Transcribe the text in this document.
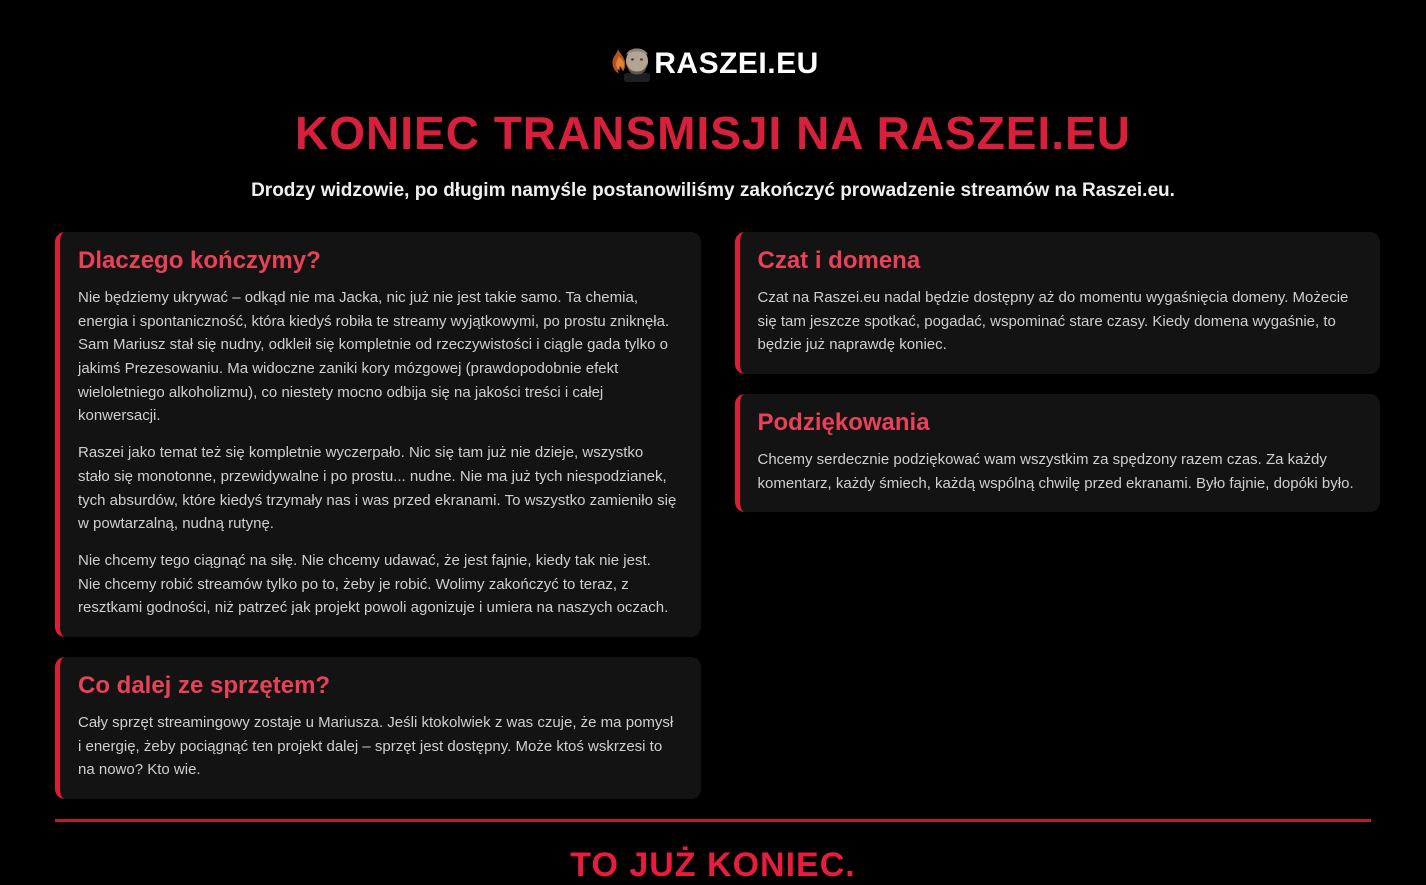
RASZEI.EU
KONIEC TRANSMISJI NA RASZEI.EU

Drodzy widzowie, po długim namyśle postanowiliśmy zakończyć prowadzenie streamów na Raszei.eu.

Dlaczego kończymy?

Nie będziemy ukrywać – odkąd nie ma Jacka, nic już nie jest takie samo. Ta chemia, energia i spontaniczność, która kiedyś robiła te streamy wyjątkowymi, po prostu zniknęła. Sam Mariusz stał się nudny, odkleił się kompletnie od rzeczywistości i ciągle gada tylko o jakimś Prezesowaniu. Ma widoczne zaniki kory mózgowej (prawdopodobnie efekt wieloletniego alkoholizmu), co niestety mocno odbija się na jakości treści i całej konwersacji.

Raszei jako temat też się kompletnie wyczerpało. Nic się tam już nie dzieje, wszystko stało się monotonne, przewidywalne i po prostu... nudne. Nie ma już tych niespodzianek, tych absurdów, które kiedyś trzymały nas i was przed ekranami. To wszystko zamieniło się w powtarzalną, nudną rutynę.

Nie chcemy tego ciągnąć na siłę. Nie chcemy udawać, że jest fajnie, kiedy tak nie jest. Nie chcemy robić streamów tylko po to, żeby je robić. Wolimy zakończyć to teraz, z resztkami godności, niż patrzeć jak projekt powoli agonizuje i umiera na naszych oczach.

Co dalej ze sprzętem?

Cały sprzęt streamingowy zostaje u Mariusza. Jeśli ktokolwiek z was czuje, że ma pomysł i energię, żeby pociągnąć ten projekt dalej – sprzęt jest dostępny. Może ktoś wskrzesi to na nowo? Kto wie.

Czat i domena

Czat na Raszei.eu nadal będzie dostępny aż do momentu wygaśnięcia domeny. Możecie się tam jeszcze spotkać, pogadać, wspominać stare czasy. Kiedy domena wygaśnie, to będzie już naprawdę koniec.

Podziękowania

Chcemy serdecznie podziękować wam wszystkim za spędzony razem czas. Za każdy komentarz, każdy śmiech, każdą wspólną chwilę przed ekranami. Było fajnie, dopóki było.

TO JUŻ KONIEC.
